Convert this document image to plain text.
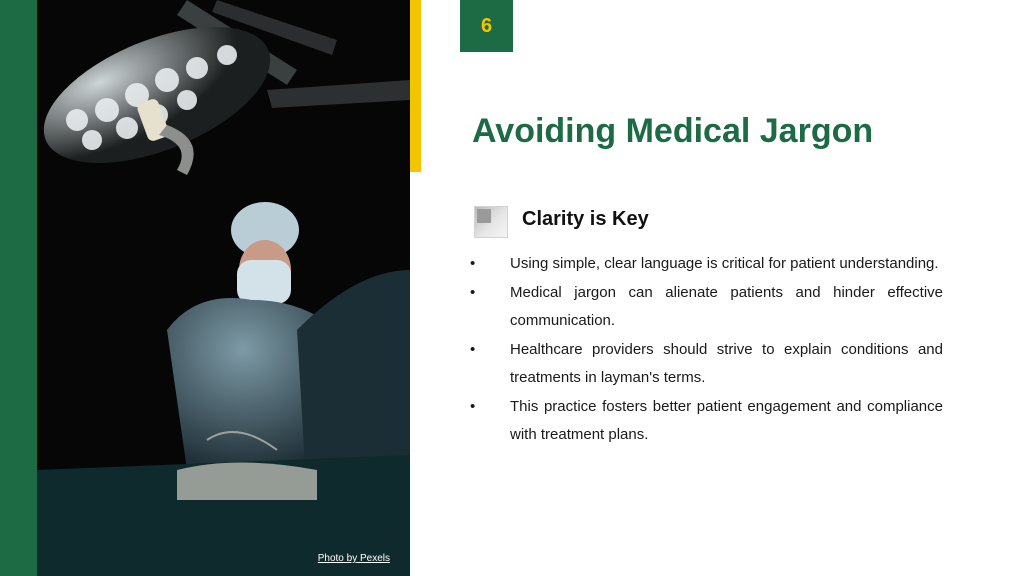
Photo by Pexels
6
Avoiding Medical Jargon
Clarity is Key
• Using simple, clear language is critical for patient understanding.
• Medical jargon can alienate patients and hinder effective communication.
• Healthcare providers should strive to explain conditions and treatments in layman's terms.
• This practice fosters better patient engagement and compliance with treatment plans.
